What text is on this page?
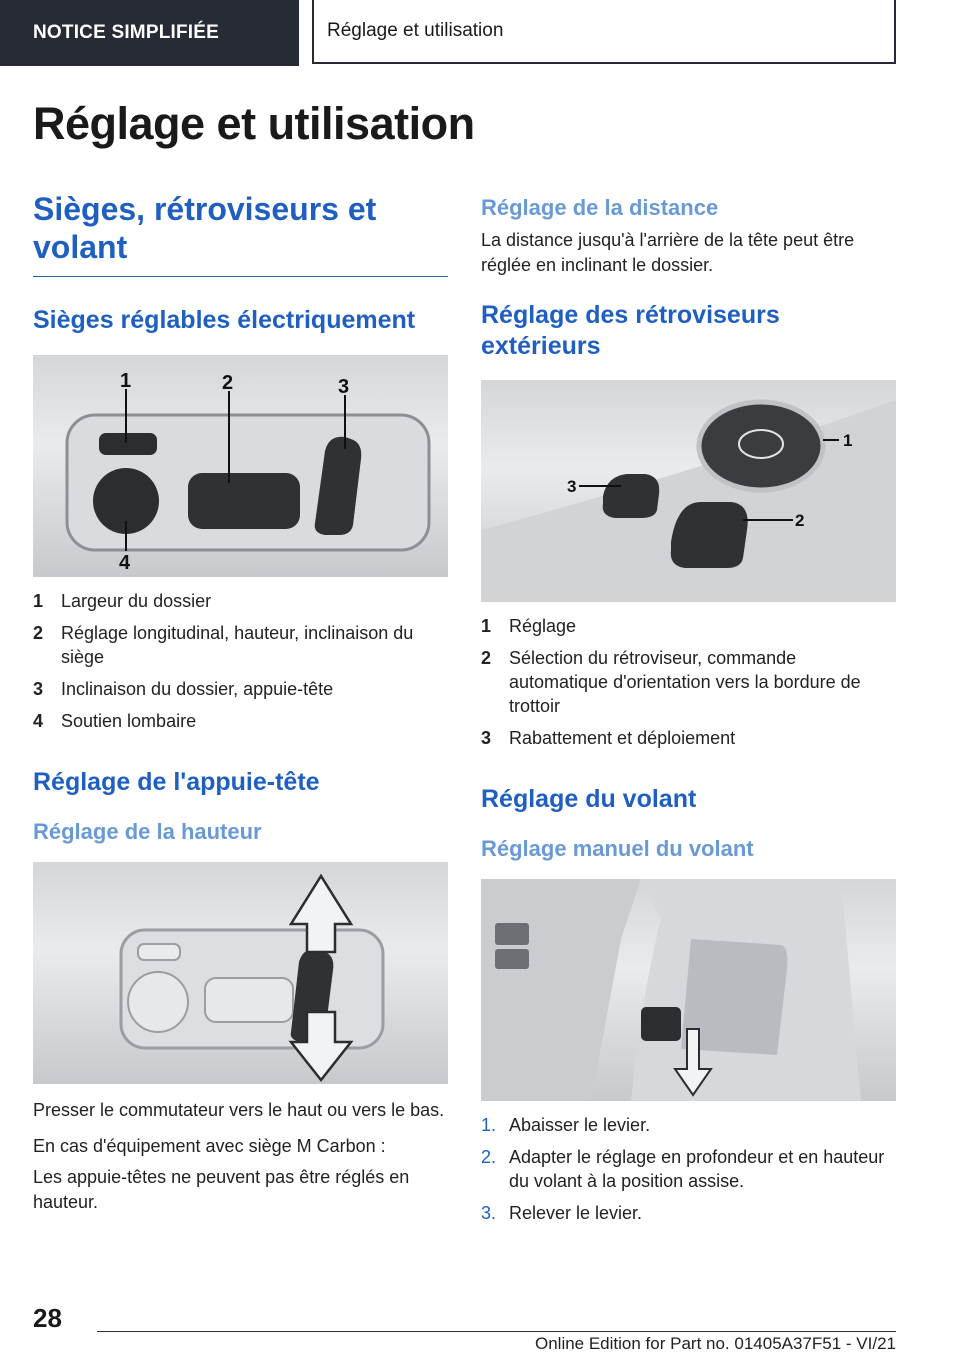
NOTICE SIMPLIFIÉE	Réglage et utilisation
Réglage et utilisation
Sièges, rétroviseurs et volant
Sièges réglables électriquement
1	2	3
4
1 Largeur du dossier
2 Réglage longitudinal, hauteur, inclinaison du siège
3 Inclinaison du dossier, appuie-tête
4 Soutien lombaire
Réglage de l'appuie-tête
Réglage de la hauteur

Presser le commutateur vers le haut ou vers le bas.

En cas d'équipement avec siège M Carbon :

Les appuie-têtes ne peuvent pas être réglés en hauteur.

Réglage de la distance

La distance jusqu'à l'arrière de la tête peut être réglée en inclinant le dossier.

Réglage des rétroviseurs extérieurs
1
2
3
1 Réglage
2 Sélection du rétroviseur, commande automatique d'orientation vers la bordure de trottoir
3 Rabattement et déploiement
Réglage du volant
Réglage manuel du volant
1. Abaisser le levier.
2. Adapter le réglage en profondeur et en hauteur du volant à la position assise.
3. Relever le levier.
28
Online Edition for Part no. 01405A37F51 - VI/21
